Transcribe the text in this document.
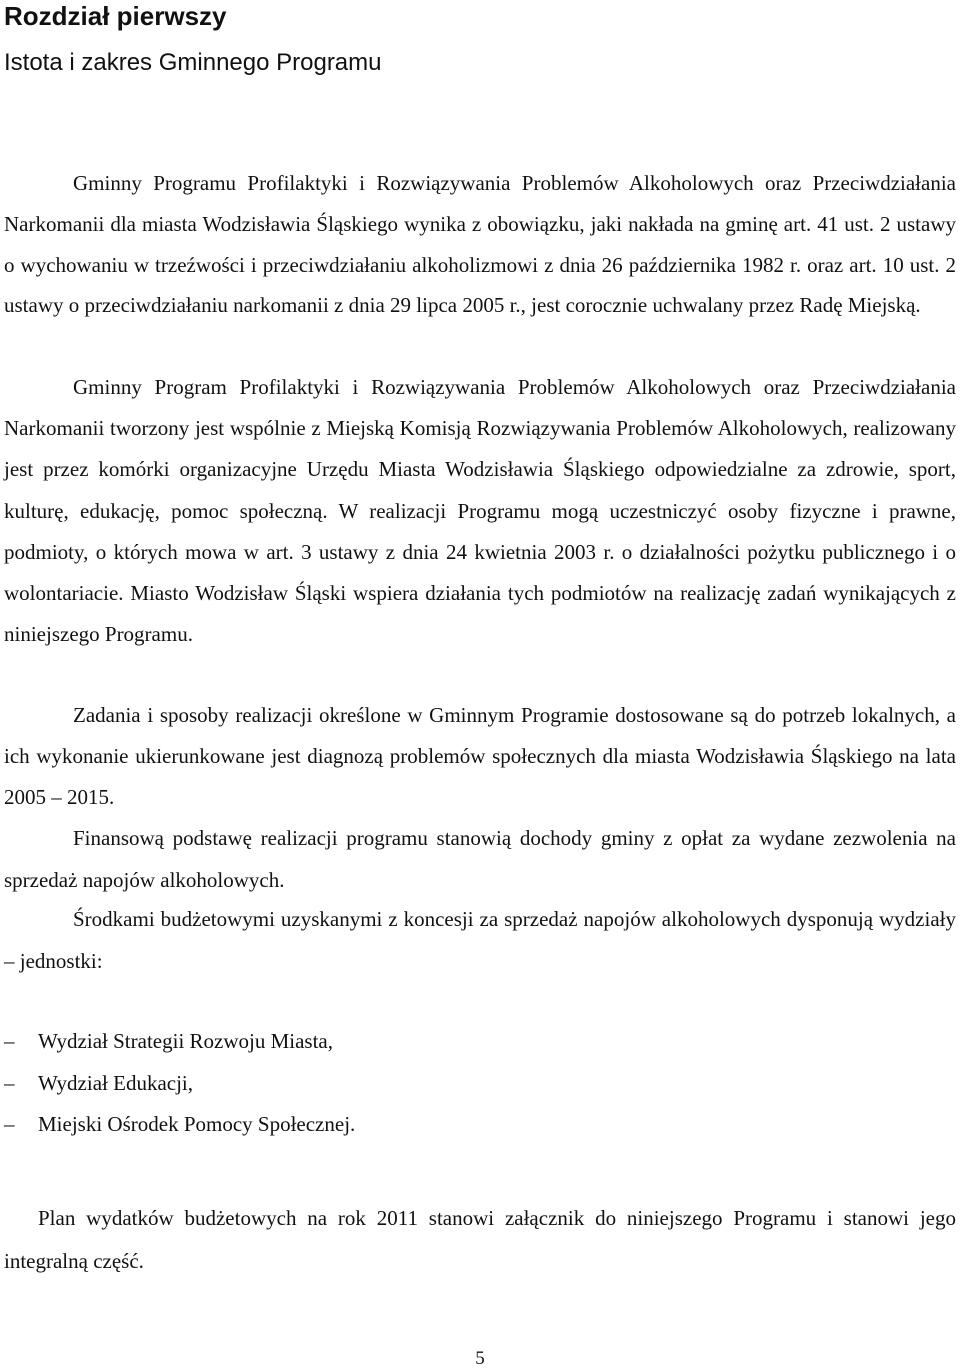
Rozdział pierwszy
Istota i zakres Gminnego Programu

Gminny Programu Profilaktyki i Rozwiązywania Problemów Alkoholowych oraz Przeciwdziałania Narkomanii dla miasta Wodzisławia Śląskiego wynika z obowiązku, jaki nakłada na gminę art. 41 ust. 2 ustawy o wychowaniu w trzeźwości i przeciwdziałaniu alkoholizmowi z dnia 26 października 1982 r. oraz art. 10 ust. 2 ustawy o przeciwdziałaniu narkomanii z dnia 29 lipca 2005 r., jest corocznie uchwalany przez Radę Miejską.

Gminny Program Profilaktyki i Rozwiązywania Problemów Alkoholowych oraz Przeciwdziałania Narkomanii tworzony jest wspólnie z Miejską Komisją Rozwiązywania Problemów Alkoholowych, realizowany jest przez komórki organizacyjne Urzędu Miasta Wodzisławia Śląskiego odpowiedzialne za zdrowie, sport, kulturę, edukację, pomoc społeczną. W realizacji Programu mogą uczestniczyć osoby fizyczne i prawne, podmioty, o których mowa w art. 3 ustawy z dnia 24 kwietnia 2003 r. o działalności pożytku publicznego i o wolontariacie. Miasto Wodzisław Śląski wspiera działania tych podmiotów na realizację zadań wynikających z niniejszego Programu.

Zadania i sposoby realizacji określone w Gminnym Programie dostosowane są do potrzeb lokalnych, a ich wykonanie ukierunkowane jest diagnozą problemów społecznych dla miasta Wodzisławia Śląskiego na lata 2005 – 2015.

Finansową podstawę realizacji programu stanowią dochody gminy z opłat za wydane zezwolenia na sprzedaż napojów alkoholowych.

Środkami budżetowymi uzyskanymi z koncesji za sprzedaż napojów alkoholowych dysponują wydziały – jednostki:

– Wydział Strategii Rozwoju Miasta,
– Wydział Edukacji,
– Miejski Ośrodek Pomocy Społecznej.

Plan wydatków budżetowych na rok 2011 stanowi załącznik do niniejszego Programu i stanowi jego integralną część.

5
